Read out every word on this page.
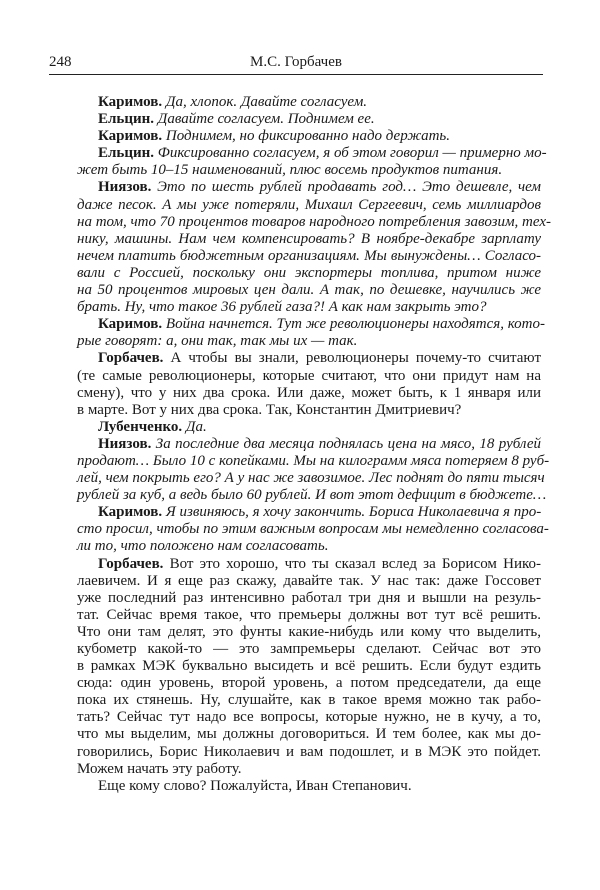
248	М.С. Горбачев
Каримов. Да, хлопок. Давайте согласуем.
Ельцин. Давайте согласуем. Поднимем ее.
Каримов. Поднимем, но фиксированно надо держать.
Ельцин. Фиксированно согласуем, я об этом говорил — примерно мо-
жет быть 10–15 наименований, плюс восемь продуктов питания.
Ниязов. Это по шесть рублей продавать год… Это дешевле, чем
даже песок. А мы уже потеряли, Михаил Сергеевич, семь миллиардов
на том, что 70 процентов товаров народного потребления завозим, тех-
нику, машины. Нам чем компенсировать? В ноябре-декабре зарплату
нечем платить бюджетным организациям. Мы вынуждены… Согласо-
вали с Россией, поскольку они экспортеры топлива, притом ниже
на 50 процентов мировых цен дали. А так, по дешевке, научились же
брать. Ну, что такое 36 рублей газа?! А как нам закрыть это?
Каримов. Война начнется. Тут же революционеры находятся, кото-
рые говорят: а, они так, так мы их — так.
Горбачев. А чтобы вы знали, революционеры почему-то считают
(те самые революционеры, которые считают, что они придут нам на
смену), что у них два срока. Или даже, может быть, к 1 января или
в марте. Вот у них два срока. Так, Константин Дмитриевич?
Лубенченко. Да.
Ниязов. За последние два месяца поднялась цена на мясо, 18 рублей
продают… Было 10 с копейками. Мы на килограмм мяса потеряем 8 руб-
лей, чем покрыть его? А у нас же завозимое. Лес поднят до пяти тысяч
рублей за куб, а ведь было 60 рублей. И вот этот дефицит в бюджете…
Каримов. Я извиняюсь, я хочу закончить. Бориса Николаевича я про-
сто просил, чтобы по этим важным вопросам мы немедленно согласова-
ли то, что положено нам согласовать.
Горбачев. Вот это хорошо, что ты сказал вслед за Борисом Нико-
лаевичем. И я еще раз скажу, давайте так. У нас так: даже Госсовет
уже последний раз интенсивно работал три дня и вышли на резуль-
тат. Сейчас время такое, что премьеры должны вот тут всё решить.
Что они там делят, это фунты какие-нибудь или кому что выделить,
кубометр какой-то — это зампремьеры сделают. Сейчас вот это
в рамках МЭК буквально высидеть и всё решить. Если будут ездить
сюда: один уровень, второй уровень, а потом председатели, да еще
пока их стянешь. Ну, слушайте, как в такое время можно так рабо-
тать? Сейчас тут надо все вопросы, которые нужно, не в кучу, а то,
что мы выделим, мы должны договориться. И тем более, как мы до-
говорились, Борис Николаевич и вам подошлет, и в МЭК это пойдет.
Можем начать эту работу.
Еще кому слово? Пожалуйста, Иван Степанович.
